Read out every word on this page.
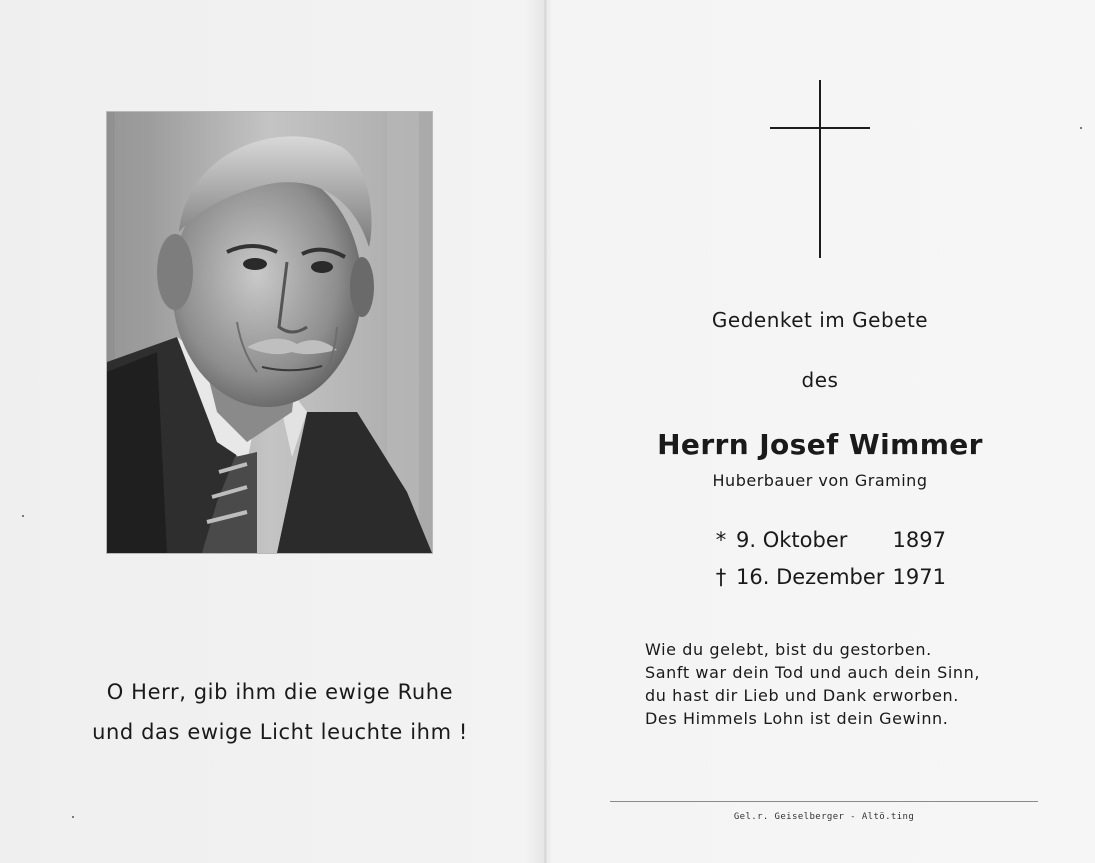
O Herr, gib ihm die ewige Ruhe
und das ewige Licht leuchte ihm !
Gedenket im Gebete
des
Herrn Josef Wimmer
Huberbauer von Graming
* 9. Oktober 1897
† 16. Dezember 1971
Wie du gelebt, bist du gestorben.
Sanft war dein Tod und auch dein Sinn,
du hast dir Lieb und Dank erworben.
Des Himmels Lohn ist dein Gewinn.
Gel.r. Geiselberger - Altö.ting
